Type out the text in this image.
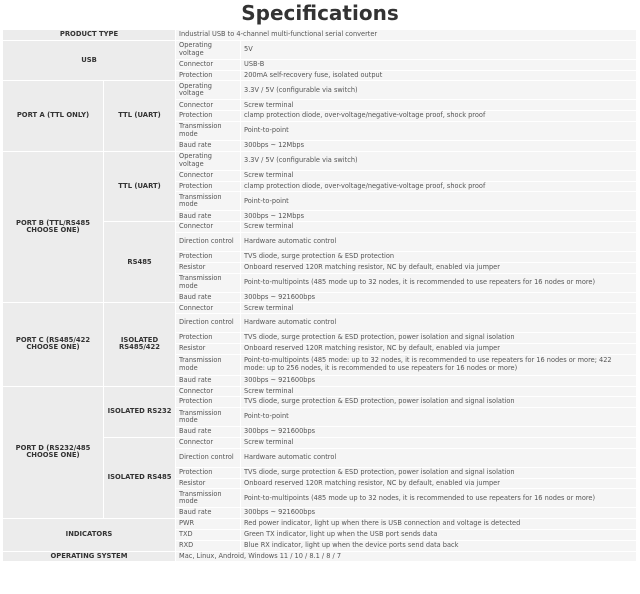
Specifications
PRODUCT TYPE		Industrial USB to 4-channel multi-functional serial converter	
USB		Operating voltage	5V
		Connector	USB-B
		Protection	200mA self-recovery fuse, isolated output
PORT A (TTL ONLY)	TTL (UART)	Operating voltage	3.3V / 5V (configurable via switch)
		Connector	Screw terminal
		Protection	clamp protection diode, over-voltage/negative-voltage proof, shock proof
		Transmission mode	Point-to-point
		Baud rate	300bps ~ 12Mbps
PORT B (TTL/RS485 CHOOSE ONE)	TTL (UART)	Operating voltage	3.3V / 5V (configurable via switch)
		Connector	Screw terminal
		Protection	clamp protection diode, over-voltage/negative-voltage proof, shock proof
		Transmission mode	Point-to-point
		Baud rate	300bps ~ 12Mbps
	RS485	Connector	Screw terminal
		Direction control	Hardware automatic control
		Protection	TVS diode, surge protection & ESD protection
		Resistor	Onboard reserved 120R matching resistor, NC by default, enabled via jumper
		Transmission mode	Point-to-multipoints (485 mode up to 32 nodes, it is recommended to use repeaters for 16 nodes or more)
		Baud rate	300bps ~ 921600bps
PORT C (RS485/422 CHOOSE ONE)	ISOLATED RS485/422	Connector	Screw terminal
		Direction control	Hardware automatic control
		Protection	TVS diode, surge protection & ESD protection, power isolation and signal isolation
		Resistor	Onboard reserved 120R matching resistor, NC by default, enabled via jumper
		Transmission mode	Point-to-multipoints (485 mode: up to 32 nodes, it is recommended to use repeaters for 16 nodes or more; 422 mode: up to 256 nodes, it is recommended to use repeaters for 16 nodes or more)
		Baud rate	300bps ~ 921600bps
PORT D (RS232/485 CHOOSE ONE)	ISOLATED RS232	Connector	Screw terminal
		Protection	TVS diode, surge protection & ESD protection, power isolation and signal isolation
		Transmission mode	Point-to-point
		Baud rate	300bps ~ 921600bps
	ISOLATED RS485	Connector	Screw terminal
		Direction control	Hardware automatic control
		Protection	TVS diode, surge protection & ESD protection, power isolation and signal isolation
		Resistor	Onboard reserved 120R matching resistor, NC by default, enabled via jumper
		Transmission mode	Point-to-multipoints (485 mode up to 32 nodes, it is recommended to use repeaters for 16 nodes or more)
		Baud rate	300bps ~ 921600bps
INDICATORS		PWR	Red power indicator, light up when there is USB connection and voltage is detected
		TXD	Green TX indicator, light up when the USB port sends data
		RXD	Blue RX indicator, light up when the device ports send data back
OPERATING SYSTEM		Mac, Linux, Android, Windows 11 / 10 / 8.1 / 8 / 7	
